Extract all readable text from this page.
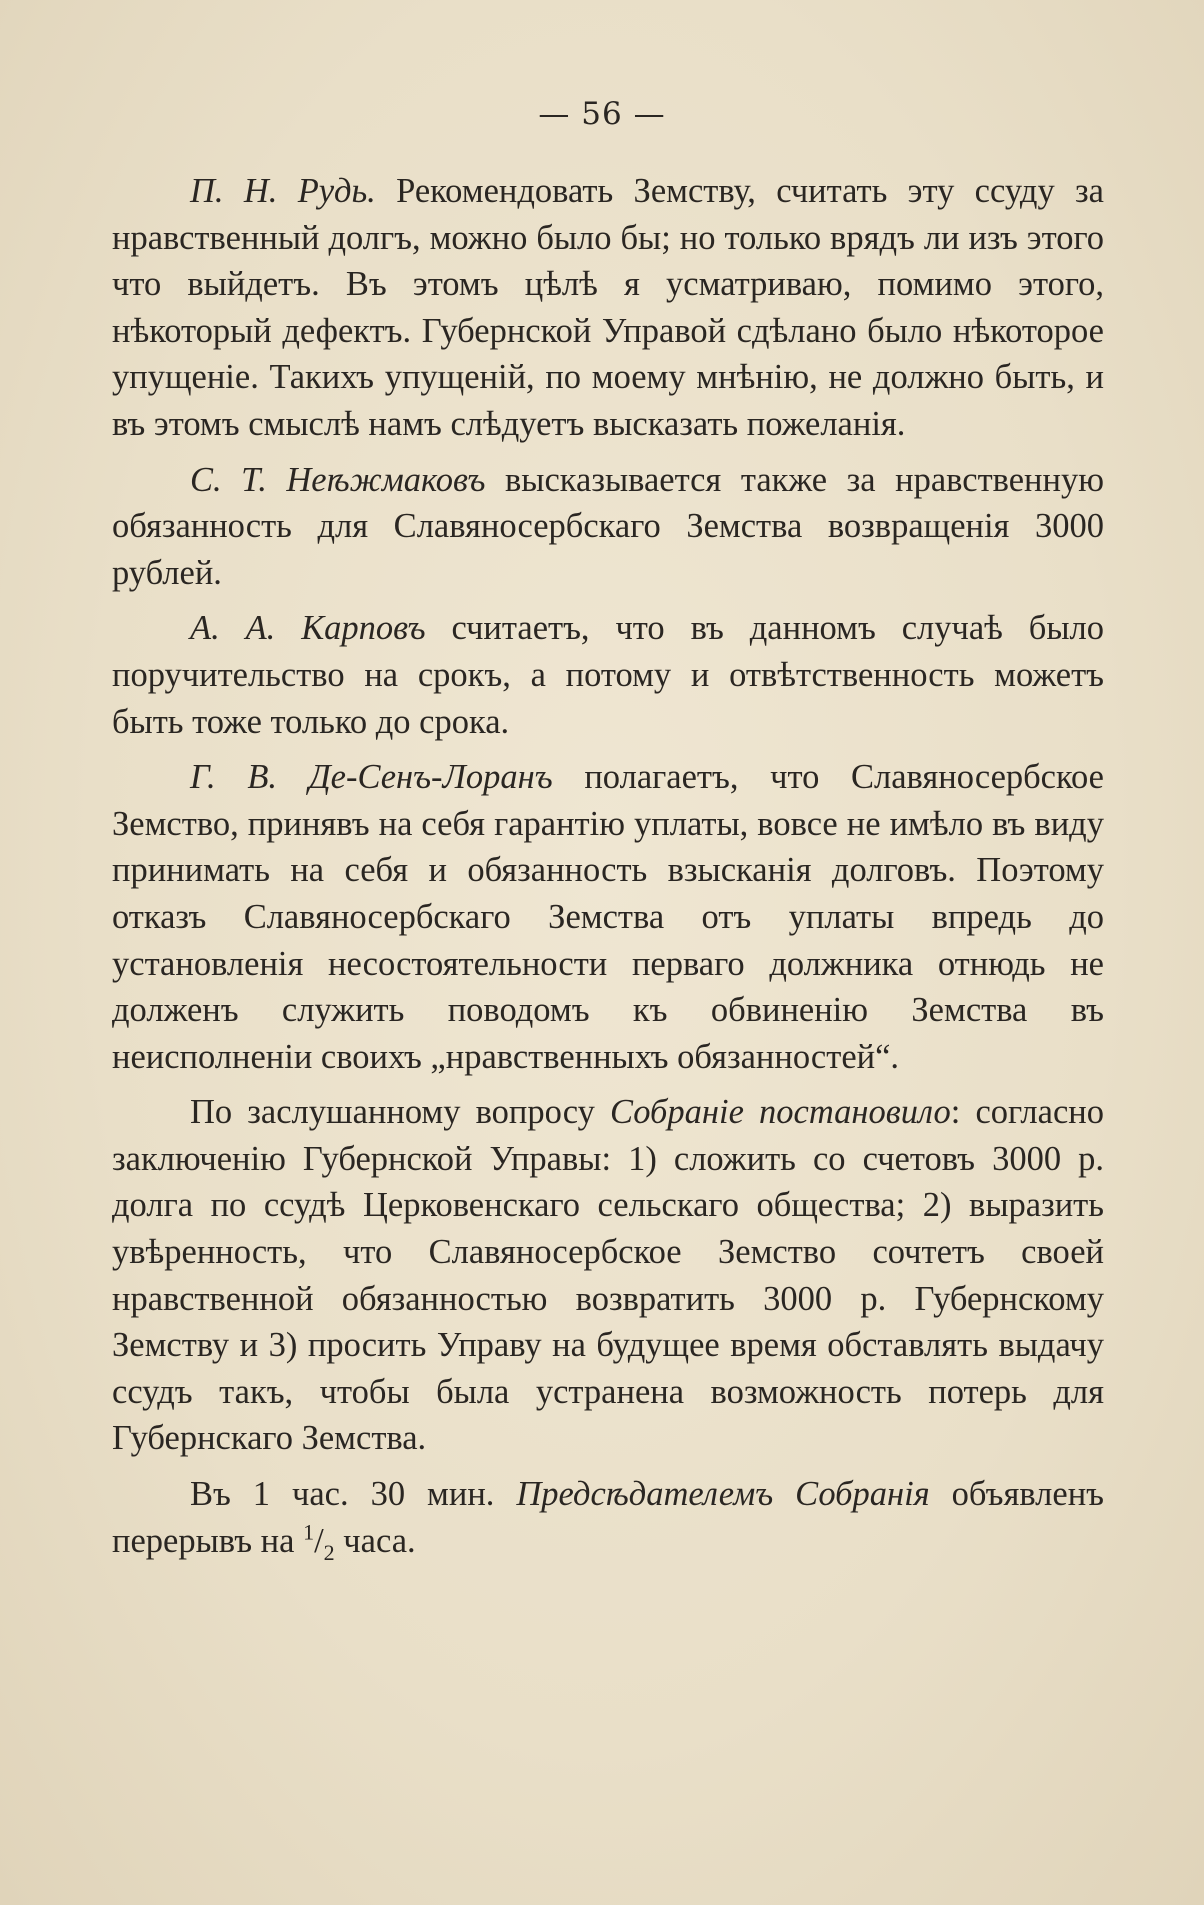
— 56 —

П. Н. Рудь. Рекомендовать Земству, считать эту ссуду за нравственный долгъ, можно было бы; но только врядъ ли изъ этого что выйдетъ. Въ этомъ цѣлѣ я усматриваю, помимо этого, нѣкоторый дефектъ. Губернской Управой сдѣлано было нѣкоторое упущеніе. Такихъ упущеній, по моему мнѣнію, не должно быть, и въ этомъ смыслѣ намъ слѣдуетъ высказать пожеланія.

С. Т. Неѣжмаковъ высказывается также за нравственную обязанность для Славяносербскаго Земства возвращенія 3000 рублей.

А. А. Карповъ считаетъ, что въ данномъ случаѣ было поручительство на срокъ, а потому и отвѣтственность можетъ быть тоже только до срока.

Г. В. Де-Сенъ-Лоранъ полагаетъ, что Славяносербское Земство, принявъ на себя гарантію уплаты, вовсе не имѣло въ виду принимать на себя и обязанность взысканія долговъ. Поэтому отказъ Славяносербскаго Земства отъ уплаты впредь до установленія несостоятельности перваго должника отнюдь не долженъ служить поводомъ къ обвиненію Земства въ неисполненіи своихъ „нравственныхъ обязанностей“.

По заслушанному вопросу Собраніе постановило: согласно заключенію Губернской Управы: 1) сложить со счетовъ 3000 р. долга по ссудѣ Церковенскаго сельскаго общества; 2) выразить увѣренность, что Славяносербское Земство сочтетъ своей нравственной обязанностью возвратить 3000 р. Губернскому Земству и 3) просить Управу на будущее время обставлять выдачу ссудъ такъ, чтобы была устранена возможность потерь для Губернскаго Земства.

Въ 1 час. 30 мин. Предсѣдателемъ Собранія объявленъ перерывъ на $^1/_2$ часа.
